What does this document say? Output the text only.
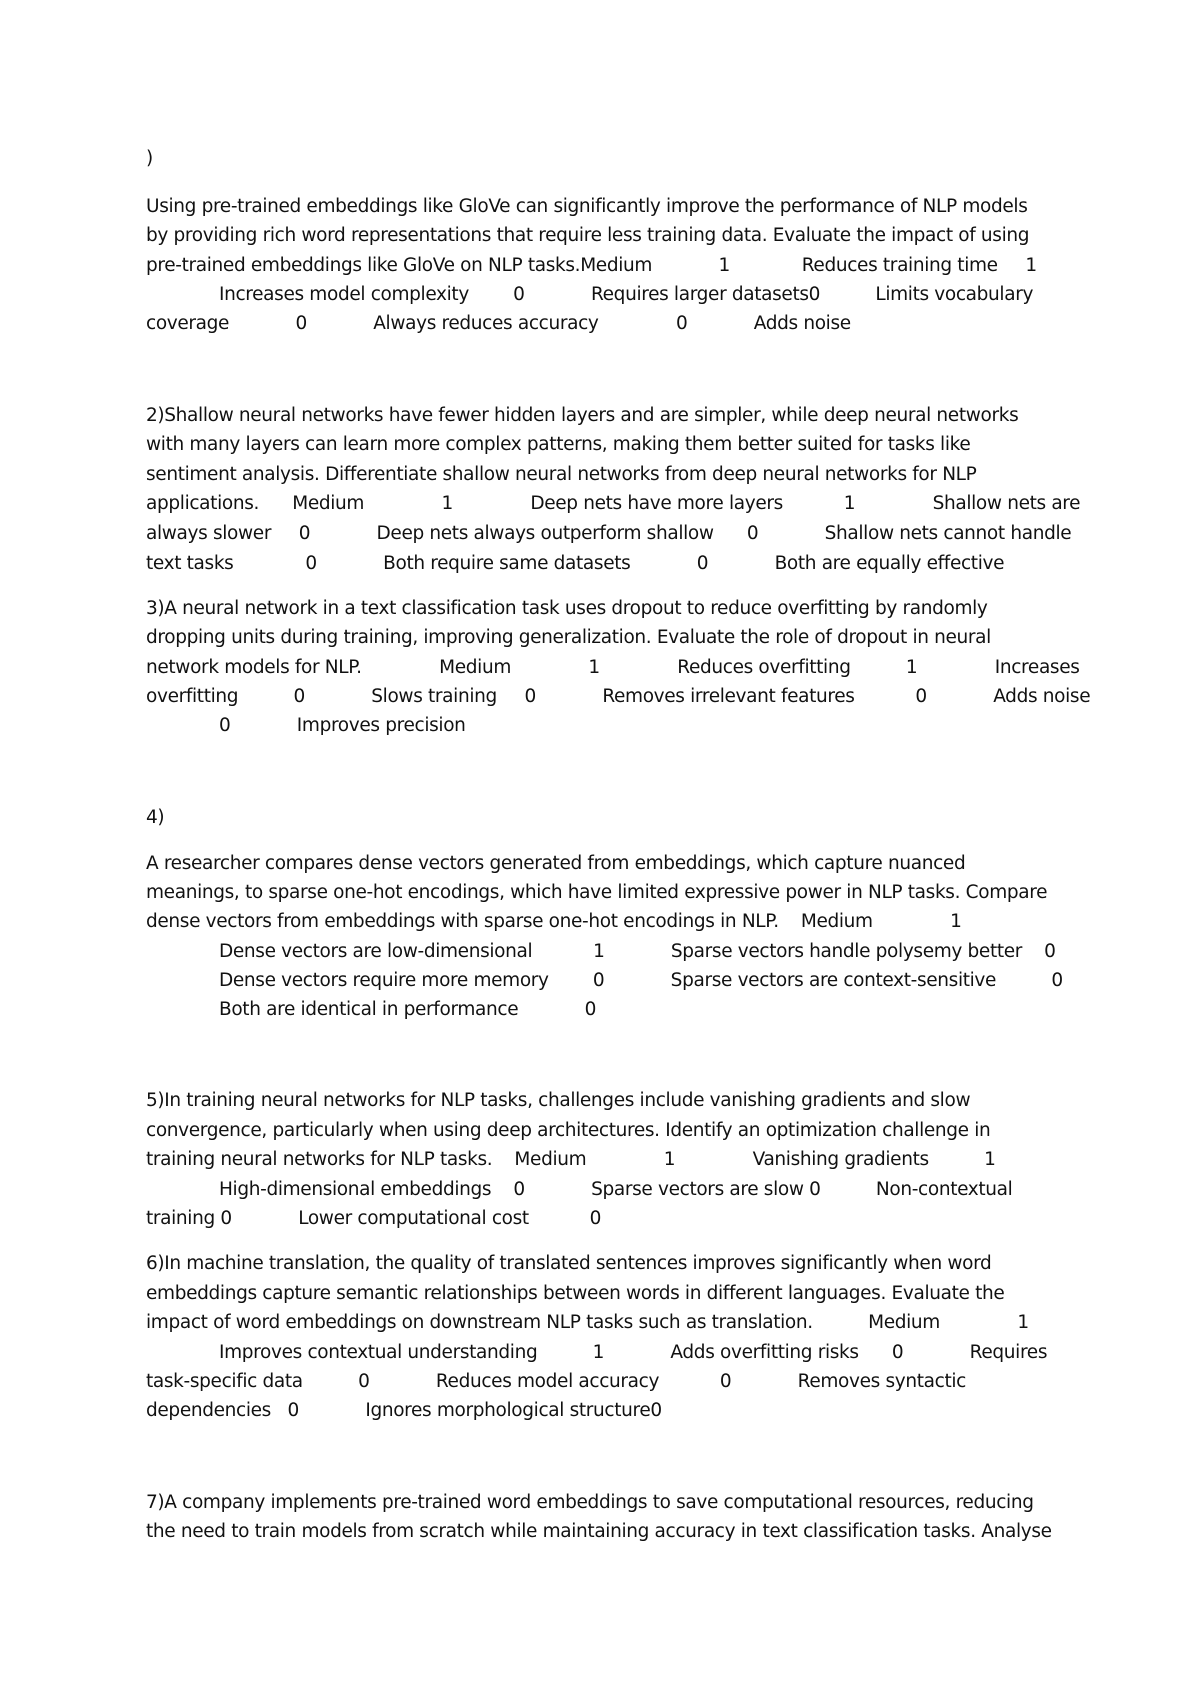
)
Using pre-trained embeddings like GloVe can significantly improve the performance of NLP models
by providing rich word representations that require less training data. Evaluate the impact of using
pre-trained embeddings like GloVe on NLP tasks.Medium            1             Reduces training time     1
Increases model complexity        0            Requires larger datasets0          Limits vocabulary
coverage            0            Always reduces accuracy              0            Adds noise
2)Shallow neural networks have fewer hidden layers and are simpler, while deep neural networks
with many layers can learn more complex patterns, making them better suited for tasks like
sentiment analysis. Differentiate shallow neural networks from deep neural networks for NLP
applications.      Medium              1              Deep nets have more layers           1              Shallow nets are
always slower     0            Deep nets always outperform shallow      0            Shallow nets cannot handle
text tasks             0            Both require same datasets            0            Both are equally effective
3)A neural network in a text classification task uses dropout to reduce overfitting by randomly
dropping units during training, improving generalization. Evaluate the role of dropout in neural
network models for NLP.              Medium              1              Reduces overfitting          1              Increases
overfitting          0            Slows training     0            Removes irrelevant features           0            Adds noise
0            Improves precision
4)
A researcher compares dense vectors generated from embeddings, which capture nuanced
meanings, to sparse one-hot encodings, which have limited expressive power in NLP tasks. Compare
dense vectors from embeddings with sparse one-hot encodings in NLP.    Medium              1
Dense vectors are low-dimensional           1            Sparse vectors handle polysemy better    0
Dense vectors require more memory        0            Sparse vectors are context-sensitive          0
Both are identical in performance            0
5)In training neural networks for NLP tasks, challenges include vanishing gradients and slow
convergence, particularly when using deep architectures. Identify an optimization challenge in
training neural networks for NLP tasks.    Medium              1              Vanishing gradients          1
High-dimensional embeddings    0            Sparse vectors are slow 0          Non-contextual
training 0            Lower computational cost           0
6)In machine translation, the quality of translated sentences improves significantly when word
embeddings capture semantic relationships between words in different languages. Evaluate the
impact of word embeddings on downstream NLP tasks such as translation.          Medium              1
Improves contextual understanding          1            Adds overfitting risks      0            Requires
task-specific data          0            Reduces model accuracy           0            Removes syntactic
dependencies   0            Ignores morphological structure0
7)A company implements pre-trained word embeddings to save computational resources, reducing
the need to train models from scratch while maintaining accuracy in text classification tasks. Analyse
